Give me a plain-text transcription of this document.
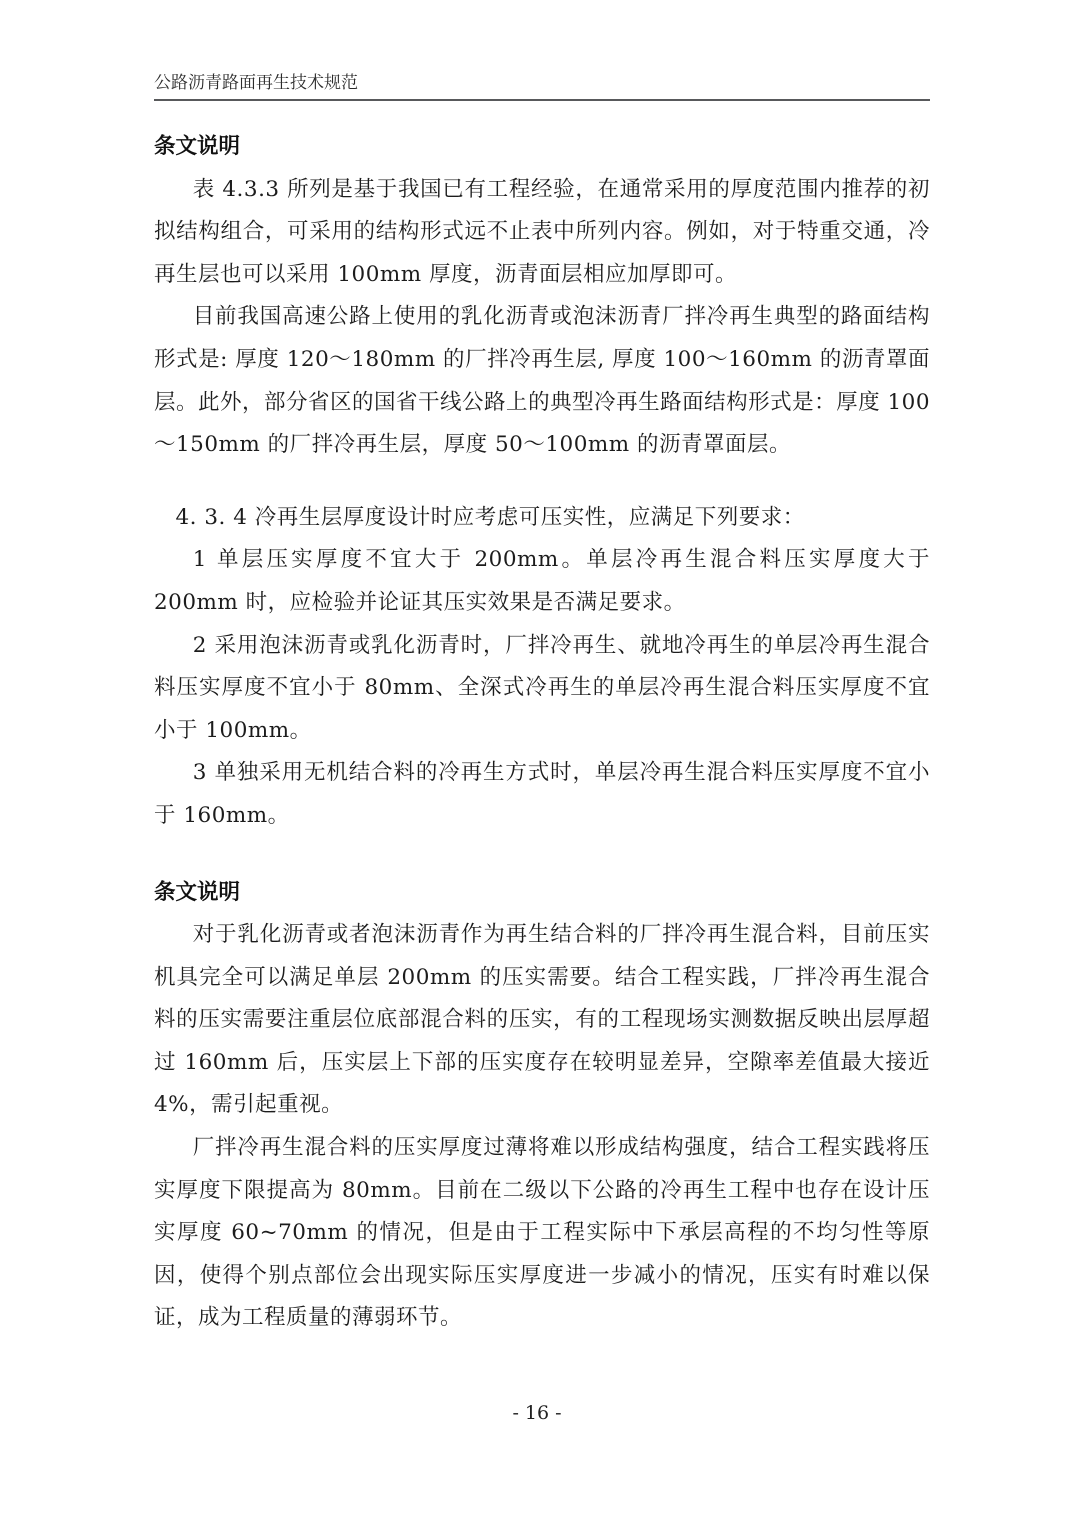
公路沥青路面再生技术规范
条文说明

表 4.3.3 所列是基于我国已有工程经验，在通常采用的厚度范围内推荐的初拟结构组合，可采用的结构形式远不止表中所列内容。例如，对于特重交通，冷再生层也可以采用 100mm 厚度，沥青面层相应加厚即可。

目前我国高速公路上使用的乳化沥青或泡沫沥青厂拌冷再生典型的路面结构形式是: 厚度 120～180mm 的厂拌冷再生层, 厚度 100～160mm 的沥青罩面层。此外，部分省区的国省干线公路上的典型冷再生路面结构形式是：厚度 100～150mm 的厂拌冷再生层，厚度 50～100mm 的沥青罩面层。

4. 3. 4 冷再生层厚度设计时应考虑可压实性，应满足下列要求：

1 单层压实厚度不宜大于 200mm。单层冷再生混合料压实厚度大于 200mm 时，应检验并论证其压实效果是否满足要求。

2 采用泡沫沥青或乳化沥青时，厂拌冷再生、就地冷再生的单层冷再生混合料压实厚度不宜小于 80mm、全深式冷再生的单层冷再生混合料压实厚度不宜小于 100mm。

3 单独采用无机结合料的冷再生方式时，单层冷再生混合料压实厚度不宜小于 160mm。

条文说明

对于乳化沥青或者泡沫沥青作为再生结合料的厂拌冷再生混合料，目前压实机具完全可以满足单层 200mm 的压实需要。结合工程实践，厂拌冷再生混合料的压实需要注重层位底部混合料的压实，有的工程现场实测数据反映出层厚超过 160mm 后，压实层上下部的压实度存在较明显差异，空隙率差值最大接近 4%，需引起重视。

厂拌冷再生混合料的压实厚度过薄将难以形成结构强度，结合工程实践将压实厚度下限提高为 80mm。目前在二级以下公路的冷再生工程中也存在设计压实厚度 60~70mm 的情况，但是由于工程实际中下承层高程的不均匀性等原因，使得个别点部位会出现实际压实厚度进一步减小的情况，压实有时难以保证，成为工程质量的薄弱环节。

- 16 -
